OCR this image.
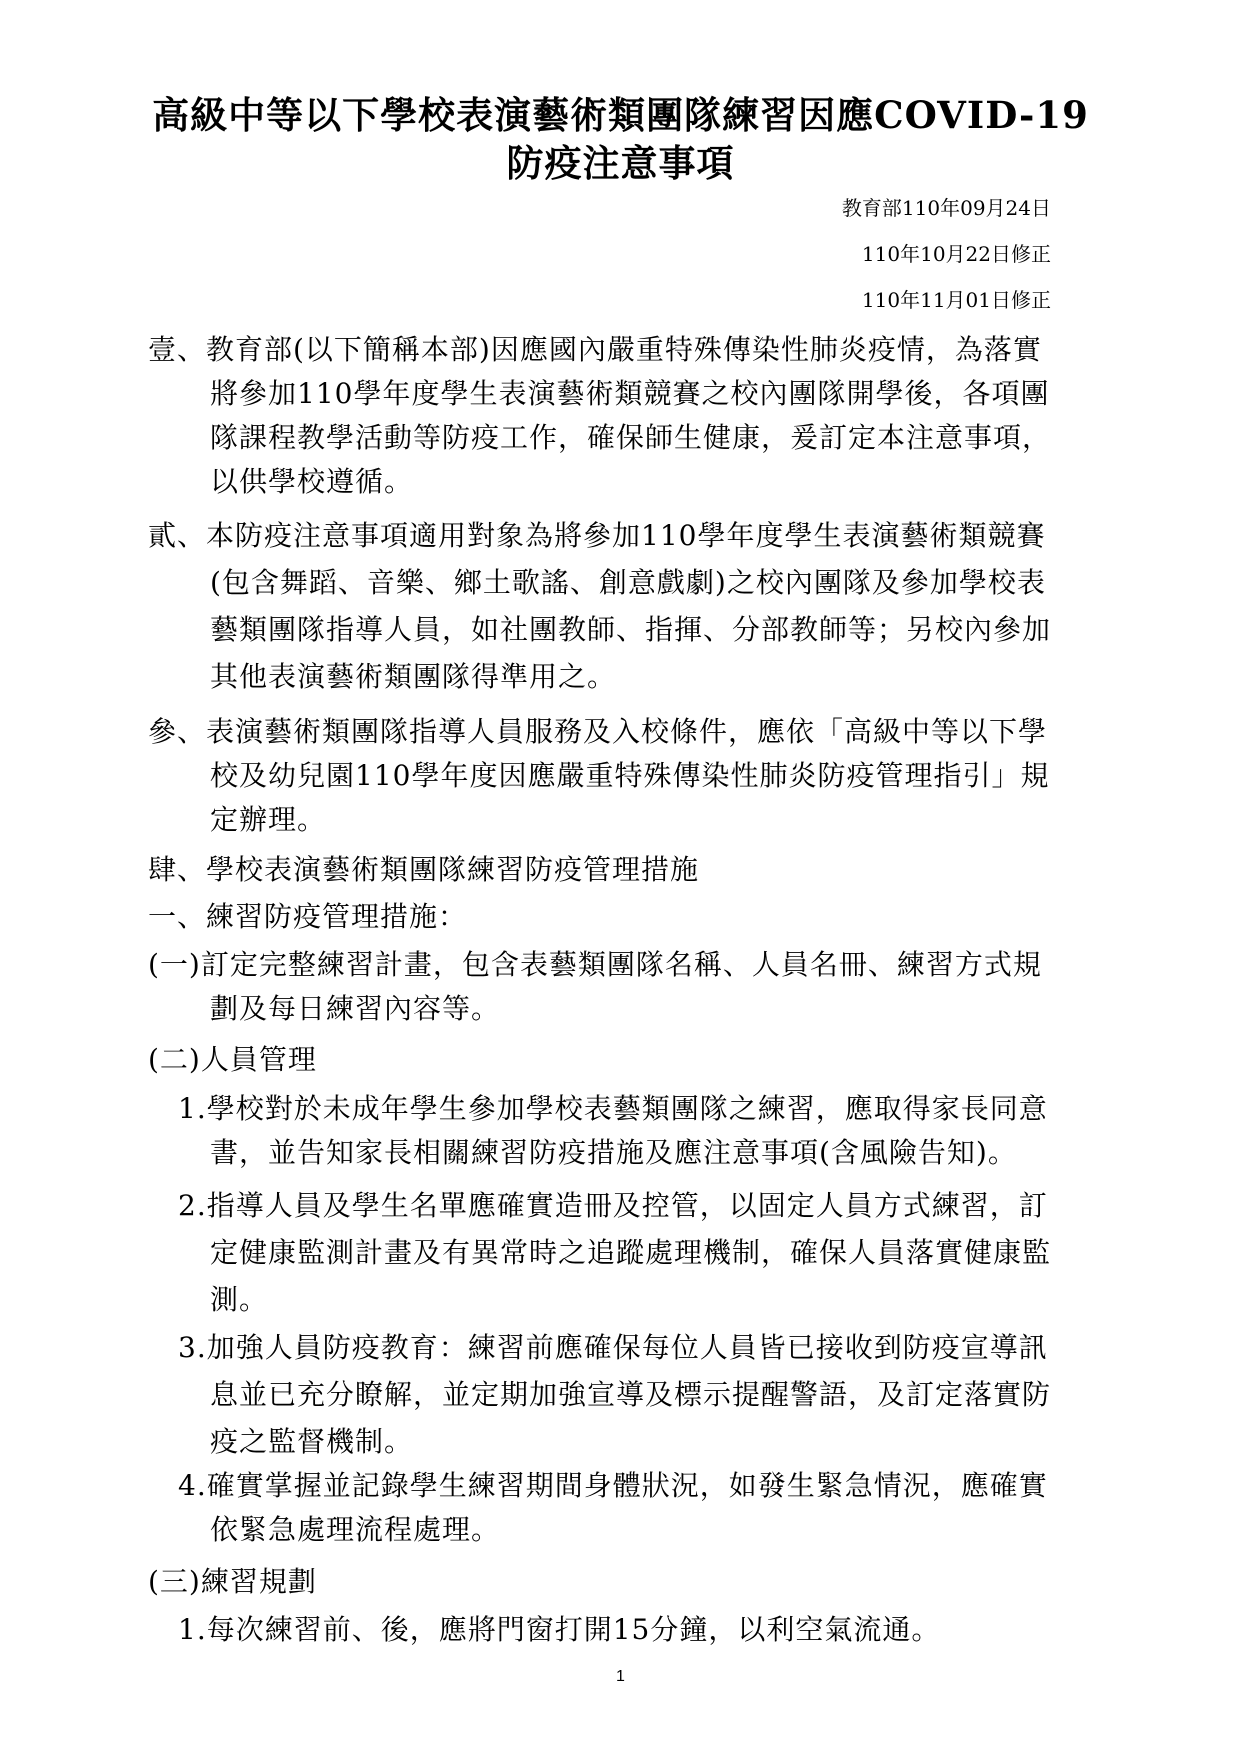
高級中等以下學校表演藝術類團隊練習因應COVID-19
防疫注意事項
教育部110年09月24日
110年10月22日修正
110年11月01日修正
壹、教育部(以下簡稱本部)因應國內嚴重特殊傳染性肺炎疫情，為落實
將參加110學年度學生表演藝術類競賽之校內團隊開學後，各項團
隊課程教學活動等防疫工作，確保師生健康，爰訂定本注意事項，
以供學校遵循。
貳、本防疫注意事項適用對象為將參加110學年度學生表演藝術類競賽
(包含舞蹈、音樂、鄉土歌謠、創意戲劇)之校內團隊及參加學校表
藝類團隊指導人員，如社團教師、指揮、分部教師等；另校內參加
其他表演藝術類團隊得準用之。
參、表演藝術類團隊指導人員服務及入校條件，應依「高級中等以下學
校及幼兒園110學年度因應嚴重特殊傳染性肺炎防疫管理指引」規
定辦理。
肆、學校表演藝術類團隊練習防疫管理措施
一、練習防疫管理措施：
(一)訂定完整練習計畫，包含表藝類團隊名稱、人員名冊、練習方式規
劃及每日練習內容等。
(二)人員管理
1.學校對於未成年學生參加學校表藝類團隊之練習，應取得家長同意
書，並告知家長相關練習防疫措施及應注意事項(含風險告知)。
2.指導人員及學生名單應確實造冊及控管，以固定人員方式練習，訂
定健康監測計畫及有異常時之追蹤處理機制，確保人員落實健康監
測。
3.加強人員防疫教育：練習前應確保每位人員皆已接收到防疫宣導訊
息並已充分瞭解，並定期加強宣導及標示提醒警語，及訂定落實防
疫之監督機制。
4.確實掌握並記錄學生練習期間身體狀況，如發生緊急情況，應確實
依緊急處理流程處理。
(三)練習規劃
1.每次練習前、後，應將門窗打開15分鐘，以利空氣流通。
1
